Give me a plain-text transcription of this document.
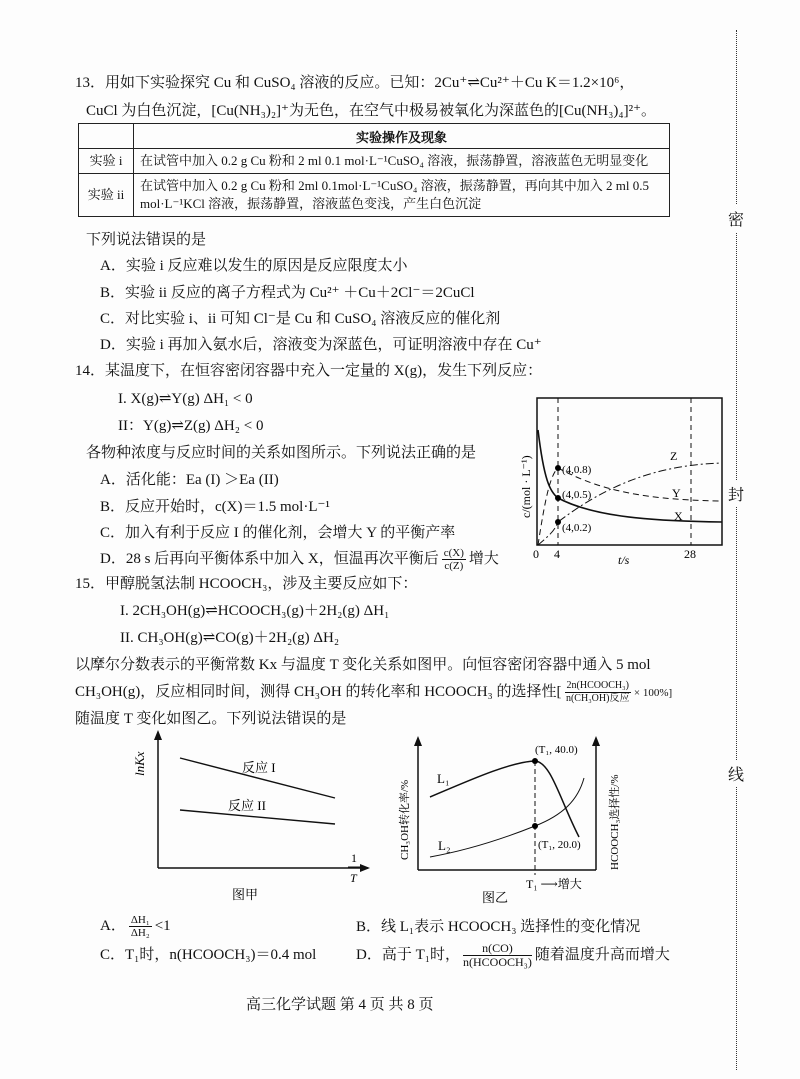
密
封
线
13．用如下实验探究 Cu 和 CuSO₄ 溶液的反应。已知：2Cu⁺⇌Cu²⁺＋Cu K＝1.2×10⁶，
CuCl 为白色沉淀，[Cu(NH₃)₂]⁺为无色，在空气中极易被氧化为深蓝色的[Cu(NH₃)₄]²⁺。
	实验操作及现象
实验 i	在试管中加入 0.2 g Cu 粉和 2 ml 0.1 mol·L⁻¹CuSO₄ 溶液，振荡静置，溶液蓝色无明显变化
实验 ii	在试管中加入 0.2 g Cu 粉和 2ml 0.1mol·L⁻¹CuSO₄ 溶液，振荡静置，再向其中加入 2 ml 0.5 mol·L⁻¹KCl 溶液，振荡静置，溶液蓝色变浅，产生白色沉淀
下列说法错误的是
A．实验 i 反应难以发生的原因是反应限度太小
B．实验 ii 反应的离子方程式为 Cu²⁺ ＋Cu＋2Cl⁻＝2CuCl
C．对比实验 i、ii 可知 Cl⁻是 Cu 和 CuSO₄ 溶液反应的催化剂
D．实验 i 再加入氨水后，溶液变为深蓝色，可证明溶液中存在 Cu⁺
14．某温度下，在恒容密闭容器中充入一定量的 X(g)，发生下列反应：
I. X(g)⇌Y(g) ΔH₁ < 0
II：Y(g)⇌Z(g) ΔH₂ < 0
各物种浓度与反应时间的关系如图所示。下列说法正确的是
A．活化能：Ea (I) ＞Ea (II)
B．反应开始时，c(X)＝1.5 mol·L⁻¹
C．加入有利于反应 I 的催化剂，会增大 Y 的平衡产率
D．28 s 后再向平衡体系中加入 X，恒温再次平衡后 $\frac{c(X)}{c(Z)}$ 增大
(4,0.8)
(4,0.5)
(4,0.2)
Z
Y
X
0 4	28
t/s
c/(mol · L⁻¹)
15．甲醇脱氢法制 HCOOCH₃，涉及主要反应如下：
I. 2CH₃OH(g)⇌HCOOCH₃(g)＋2H₂(g) ΔH₁
II. CH₃OH(g)⇌CO(g)＋2H₂(g) ΔH₂
以摩尔分数表示的平衡常数 Kx 与温度 T 变化关系如图甲。向恒容密闭容器中通入 5 mol
CH₃OH(g)，反应相同时间，测得 CH₃OH 的转化率和 HCOOCH₃ 的选择性[ $\frac{\text{2n(HCOOCH₃)}}{\text{n(CH₃OH)反应}} \times 100\%$]
随温度 T 变化如图乙。下列说法错误的是
反应 I
反应 II
lnKx
1
T
图甲
(T₁, 40.0)
(T₁, 20.0)
L₁
L₂
CH₃OH转化率/%	HCOOCH₃选择性/%
T₁ ⟶增大
图乙
A． $\frac{\text{ΔH₁}}{\text{ΔH₂}} <1$	B．线 L₁表示 HCOOCH₃ 选择性的变化情况
C．T₁时，n(HCOOCH₃)＝0.4 mol	D．高于 T₁时， $\frac{n(CO)}{\text{n(HCOOCH₃)}}$ 随着温度升高而增大
高三化学试题 第 4 页 共 8 页
